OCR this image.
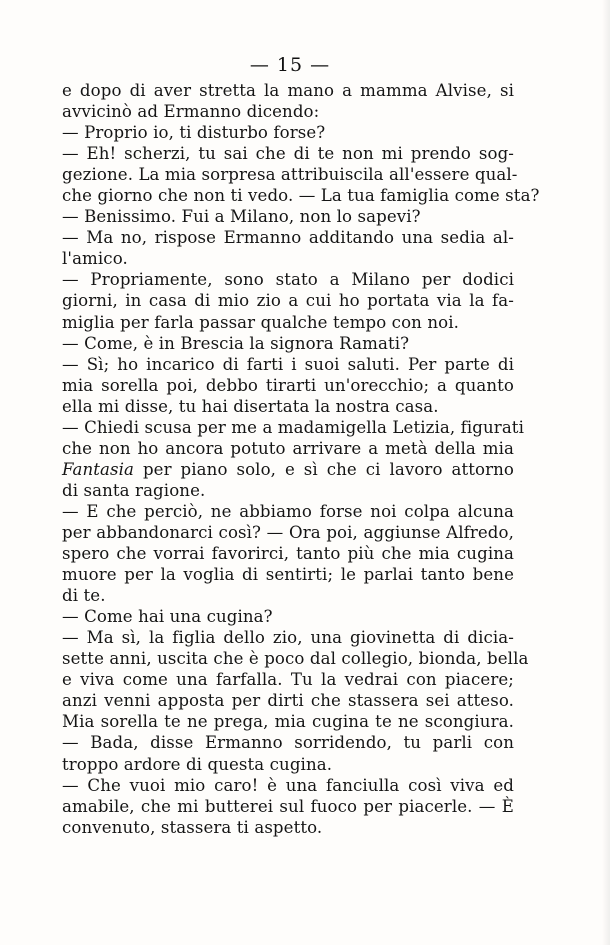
— 15 —
e dopo di aver stretta la mano a mamma Alvise, si
avvicinò ad Ermanno dicendo:
— Proprio io, ti disturbo forse?
— Eh! scherzi, tu sai che di te non mi prendo sog-
gezione. La mia sorpresa attribuiscila all'essere qual-
che giorno che non ti vedo. — La tua famiglia come sta?
— Benissimo. Fui a Milano, non lo sapevi?
— Ma no, rispose Ermanno additando una sedia al-
l'amico.
— Propriamente, sono stato a Milano per dodici
giorni, in casa di mio zio a cui ho portata via la fa-
miglia per farla passar qualche tempo con noi.
— Come, è in Brescia la signora Ramati?
— Sì; ho incarico di farti i suoi saluti. Per parte di
mia sorella poi, debbo tirarti un'orecchio; a quanto
ella mi disse, tu hai disertata la nostra casa.
— Chiedi scusa per me a madamigella Letizia, figurati
che non ho ancora potuto arrivare a metà della mia
Fantasia per piano solo, e sì che ci lavoro attorno
di santa ragione.
— E che perciò, ne abbiamo forse noi colpa alcuna
per abbandonarci così? — Ora poi, aggiunse Alfredo,
spero che vorrai favorirci, tanto più che mia cugina
muore per la voglia di sentirti; le parlai tanto bene
di te.
— Come hai una cugina?
— Ma sì, la figlia dello zio, una giovinetta di dicia-
sette anni, uscita che è poco dal collegio, bionda, bella
e viva come una farfalla. Tu la vedrai con piacere;
anzi venni apposta per dirti che stassera sei atteso.
Mia sorella te ne prega, mia cugina te ne scongiura.
— Bada, disse Ermanno sorridendo, tu parli con
troppo ardore di questa cugina.
— Che vuoi mio caro! è una fanciulla così viva ed
amabile, che mi butterei sul fuoco per piacerle. — È
convenuto, stassera ti aspetto.
